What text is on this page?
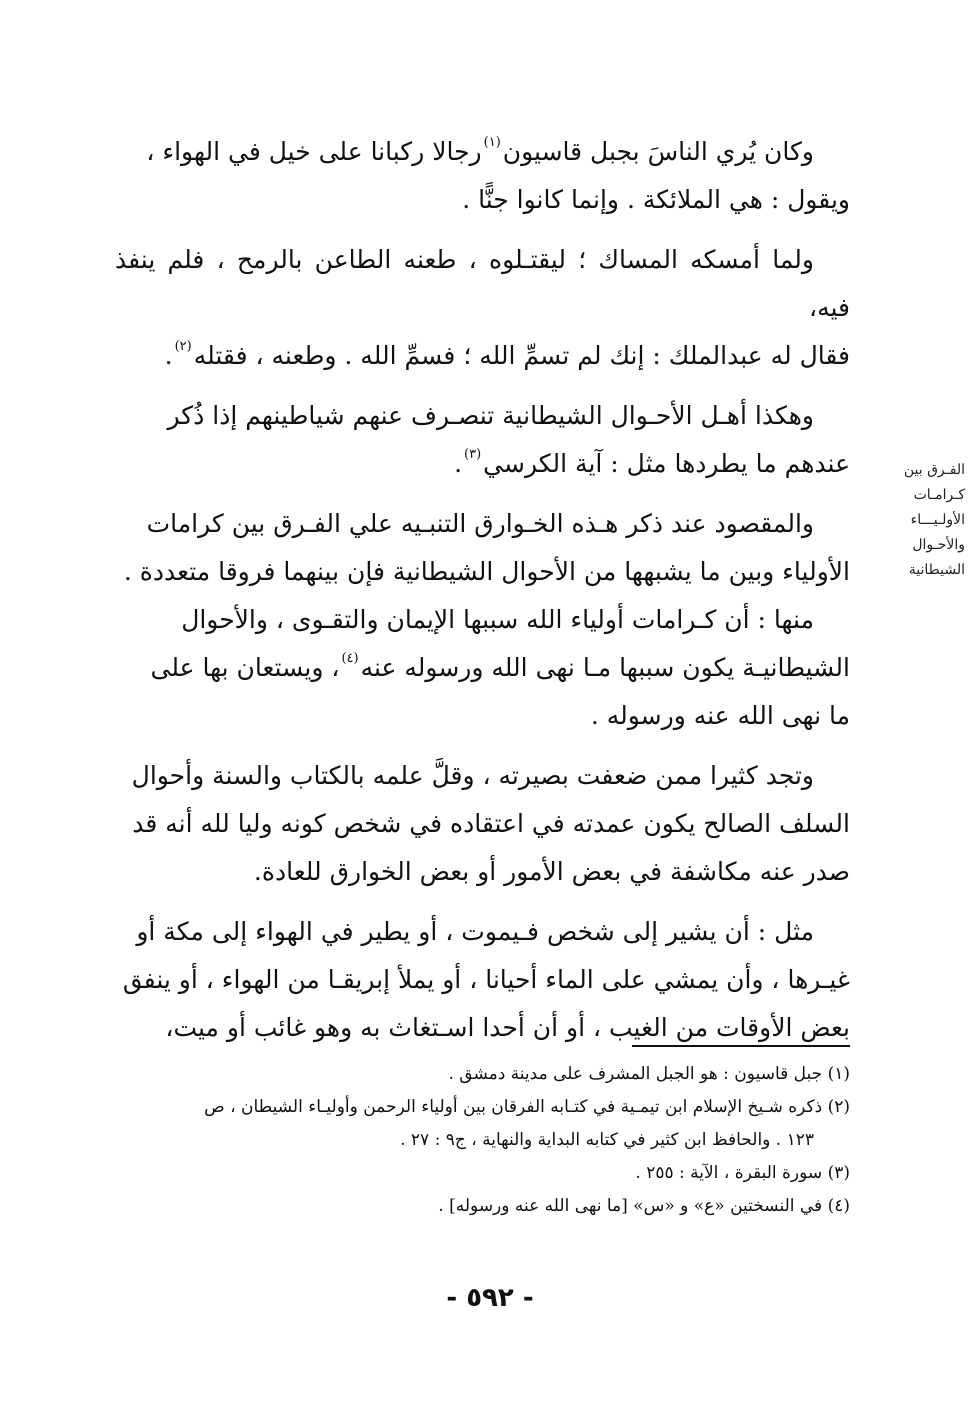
وكان يُري الناسَ بجبل قاسيون$^{(١)}$رجالا ركبانا على خيل في الهواء ،
ويقول : هي الملائكة . وإنما كانوا جنًّا .

ولما أمسكه المساك ؛ ليقتـلوه ، طعنه الطاعن بالرمح ، فلم ينفذ فيه،
فقال له عبدالملك : إنك لم تسمِّ الله ؛ فسمِّ الله . وطعنه ، فقتله$^{(٢)}$.

وهكذا أهـل الأحـوال الشيطانية تنصـرف عنهم شياطينهم إذا ذُكر
عندهم ما يطردها مثل : آية الكرسي$^{(٣)}$.

والمقصود عند ذكر هـذه الخـوارق التنبـيه علي الفـرق بين كرامات
الأولياء وبين ما يشبهها من الأحوال الشيطانية فإن بينهما فروقا متعددة .

منها : أن كـرامات أولياء الله سببها الإيمان والتقـوى ، والأحوال
الشيطانيـة يكون سببها مـا نهى الله ورسوله عنه$^{(٤)}$، ويستعان بها على
ما نهى الله عنه ورسوله .

وتجد كثيرا ممن ضعفت بصيرته ، وقلَّ علمه بالكتاب والسنة وأحوال
السلف الصالح يكون عمدته في اعتقاده في شخص كونه وليا لله أنه قد
صدر عنه مكاشفة في بعض الأمور أو بعض الخوارق للعادة.

مثل : أن يشير إلى شخص فـيموت ، أو يطير في الهواء إلى مكة أو
غيـرها ، وأن يمشي على الماء أحيانا ، أو يملأ إبريقـا من الهواء ، أو ينفق
بعض الأوقات من الغيب ، أو أن أحدا اسـتغاث به وهو غائب أو ميت،

الفـرق بين
كـرامـات
الأولـيـــاء
والأحـوال
الشيطانية

(١) جبل قاسيون : هو الجبل المشرف على مدينة دمشق .

(٢) ذكره شـيخ الإسلام ابن تيمـية في كتـابه الفرقان بين أولياء الرحمن وأوليـاء الشيطان ، ص

١٢٣ . والحافظ ابن كثير في كتابه البداية والنهاية ، ج٩ : ٢٧ .

(٣) سورة البقرة ، الآية : ٢٥٥ .

(٤) في النسختين «ع» و «س» [ما نهى الله عنه ورسوله] .

- ٥٩٢ -
